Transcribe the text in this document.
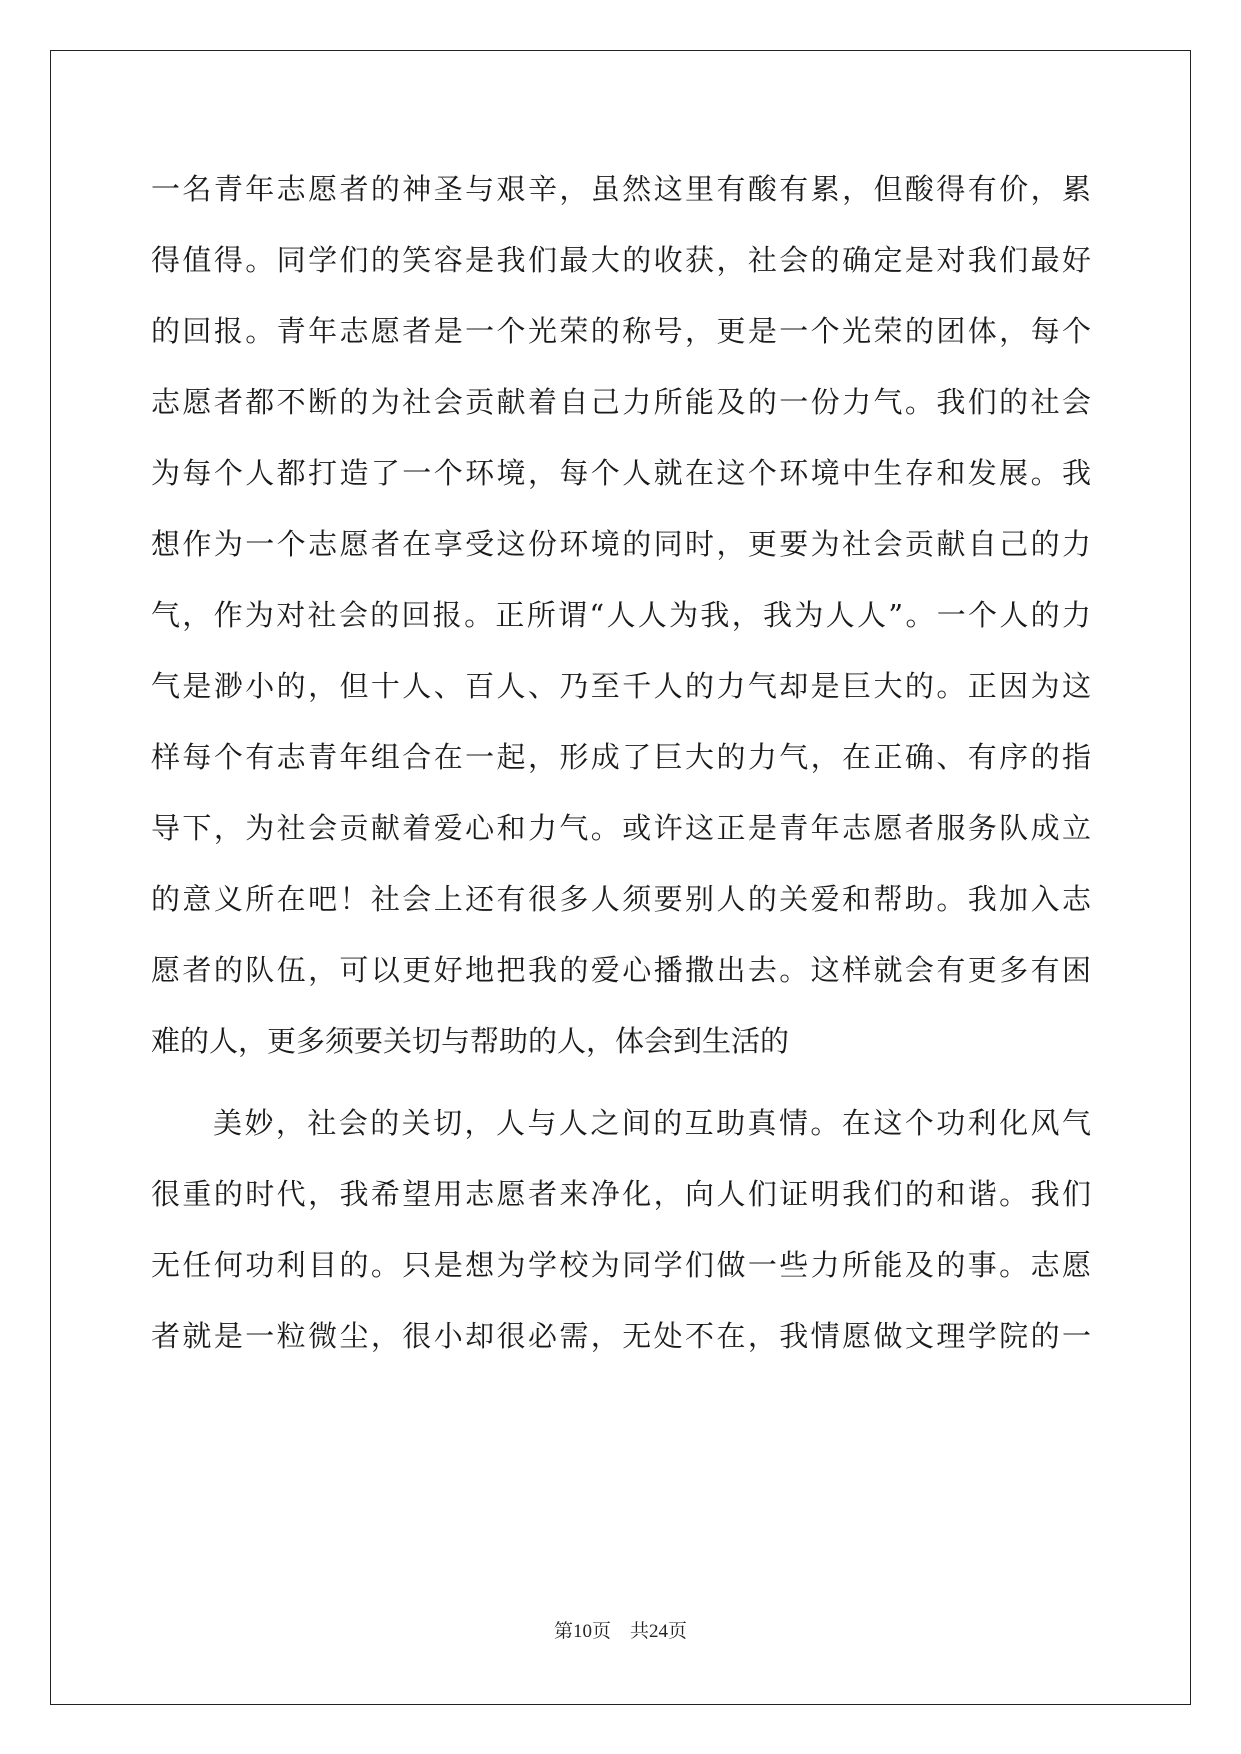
一名青年志愿者的神圣与艰辛，虽然这里有酸有累，但酸得有价，累
得值得。同学们的笑容是我们最大的收获，社会的确定是对我们最好
的回报。青年志愿者是一个光荣的称号，更是一个光荣的团体，每个
志愿者都不断的为社会贡献着自己力所能及的一份力气。我们的社会
为每个人都打造了一个环境，每个人就在这个环境中生存和发展。我
想作为一个志愿者在享受这份环境的同时，更要为社会贡献自己的力
气，作为对社会的回报。正所谓“人人为我，我为人人”。一个人的力
气是渺小的，但十人、百人、乃至千人的力气却是巨大的。正因为这
样每个有志青年组合在一起，形成了巨大的力气，在正确、有序的指
导下，为社会贡献着爱心和力气。或许这正是青年志愿者服务队成立
的意义所在吧！社会上还有很多人须要别人的关爱和帮助。我加入志
愿者的队伍，可以更好地把我的爱心播撒出去。这样就会有更多有困
难的人，更多须要关切与帮助的人，体会到生活的
美妙，社会的关切，人与人之间的互助真情。在这个功利化风气
很重的时代，我希望用志愿者来净化，向人们证明我们的和谐。我们
无任何功利目的。只是想为学校为同学们做一些力所能及的事。志愿
者就是一粒微尘，很小却很必需，无处不在，我情愿做文理学院的一
第10页　共24页
